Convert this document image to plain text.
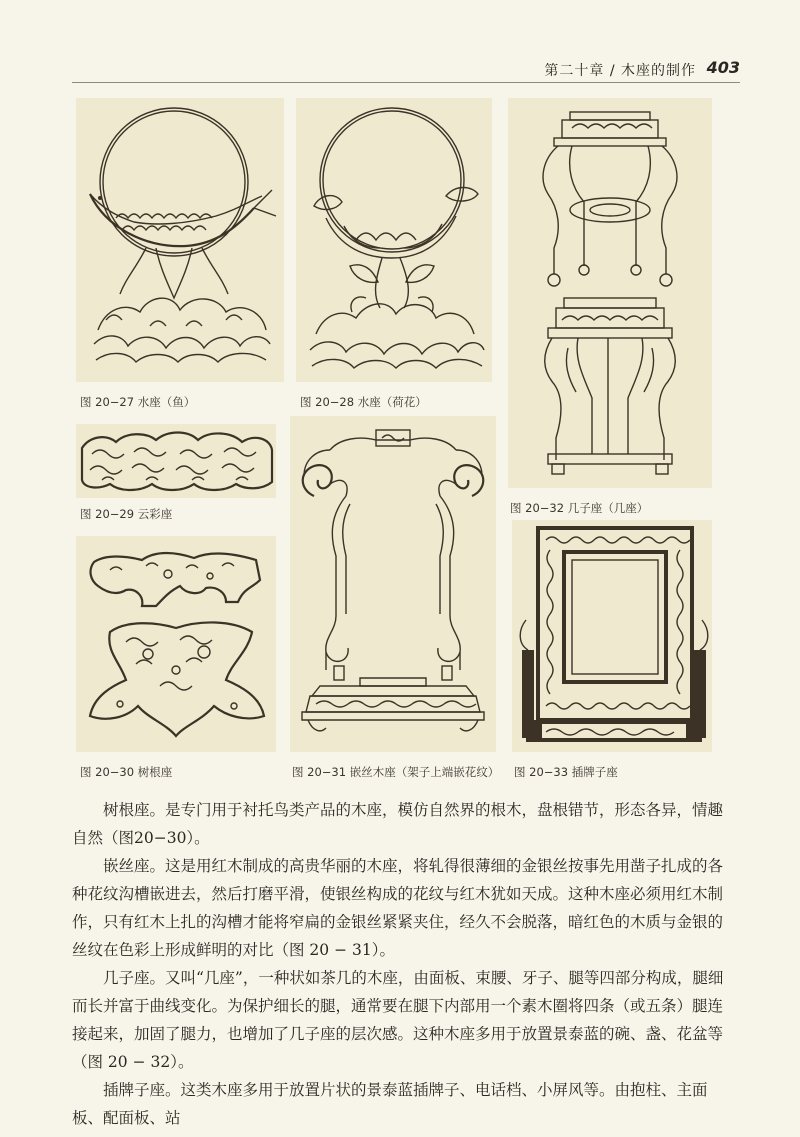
第二十章 / 木座的制作 403
图 20−27 水座（鱼）	图 20−28 水座（荷花）
图 20−32 几子座（几座）
图 20−29 云彩座
图 20−30 树根座	图 20−31 嵌丝木座（架子上端嵌花纹） 图 20−33 插牌子座

树根座。是专门用于衬托鸟类产品的木座，模仿自然界的根木，盘根错节，形态各异，情趣自然（图20−30）。

嵌丝座。这是用红木制成的高贵华丽的木座，将轧得很薄细的金银丝按事先用凿子扎成的各种花纹沟槽嵌进去，然后打磨平滑，使银丝构成的花纹与红木犹如天成。这种木座必须用红木制作，只有红木上扎的沟槽才能将窄扁的金银丝紧紧夹住，经久不会脱落，暗红色的木质与金银的丝纹在色彩上形成鲜明的对比（图 20 − 31）。

几子座。又叫“几座”，一种状如茶几的木座，由面板、束腰、牙子、腿等四部分构成，腿细而长并富于曲线变化。为保护细长的腿，通常要在腿下内部用一个素木圈将四条（或五条）腿连接起来，加固了腿力，也增加了几子座的层次感。这种木座多用于放置景泰蓝的碗、盏、花盆等（图 20 − 32）。

插牌子座。这类木座多用于放置片状的景泰蓝插牌子、电话档、小屏风等。由抱柱、主面板、配面板、站
